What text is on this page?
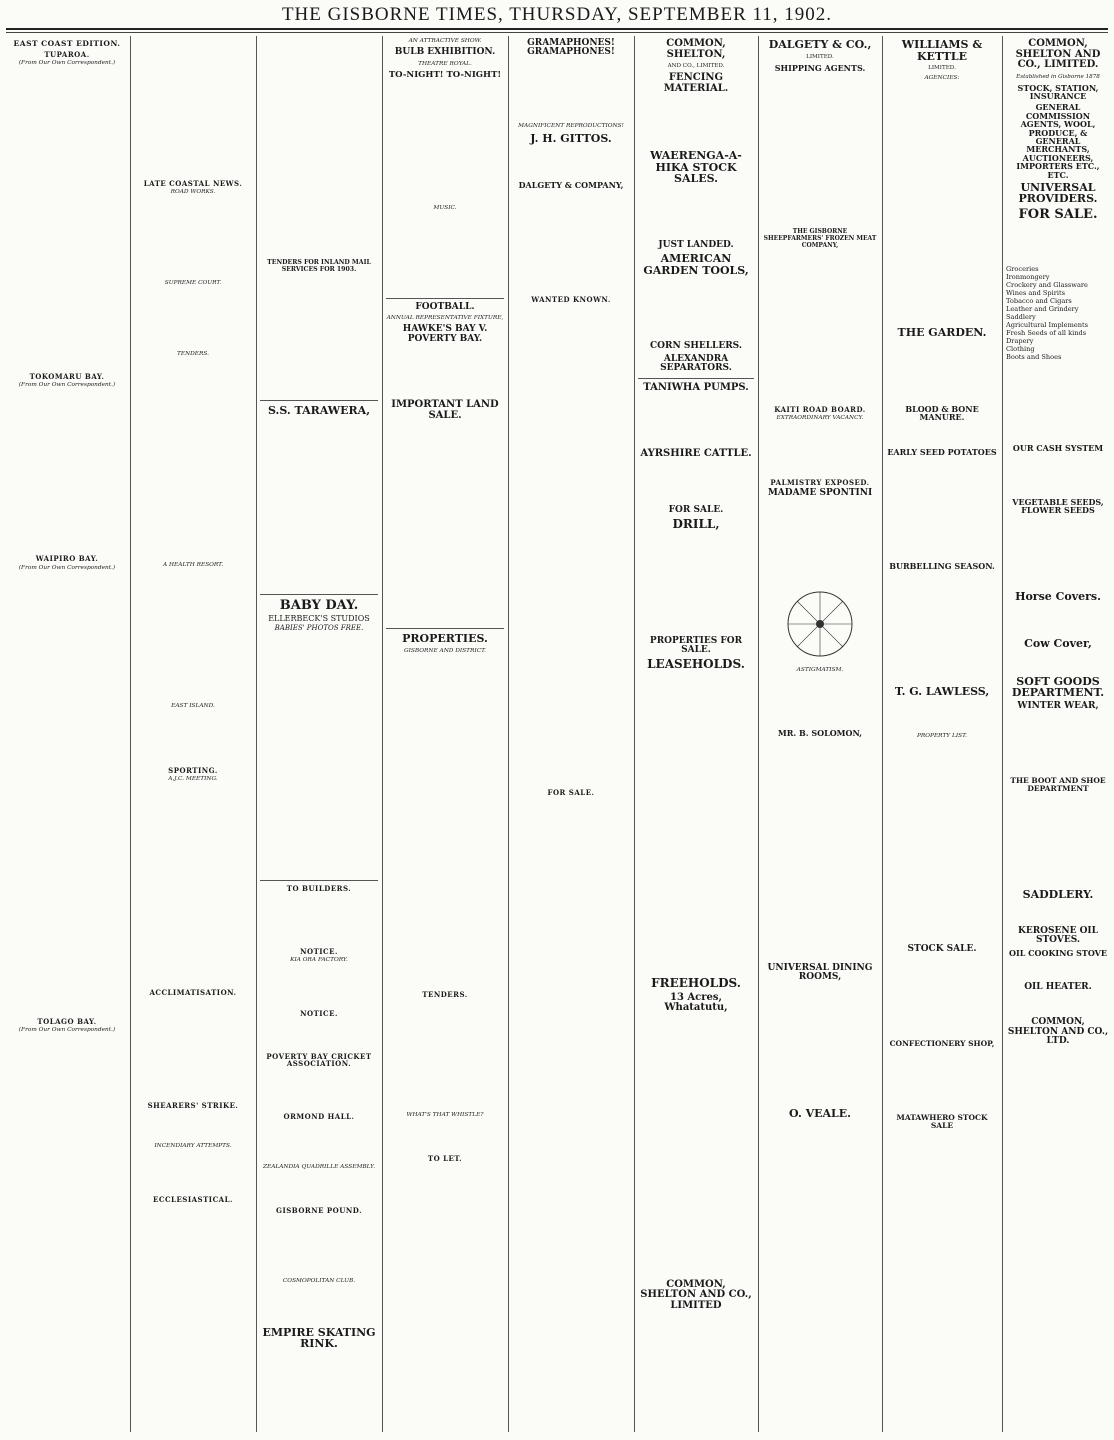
THE GISBORNE TIMES, THURSDAY, SEPTEMBER 11, 1902.
EAST COAST EDITION.
TUPAROA.
(From Our Own Correspondent.)
TOKOMARU BAY.
(From Our Own Correspondent.)
WAIPIRO BAY.
(From Our Own Correspondent.)
TOLAGO BAY.
(From Our Own Correspondent.)
LATE COASTAL NEWS.
ROAD WORKS.
SUPREME COURT.
TENDERS.
A HEALTH RESORT.
EAST ISLAND.
SPORTING.
A.J.C. MEETING.
ACCLIMATISATION.
SHEARERS' STRIKE.
INCENDIARY ATTEMPTS.
ECCLESIASTICAL.
TENDERS FOR INLAND MAIL SERVICES FOR 1903.
S.S. TARAWERA,
BABY DAY.
ELLERBECK'S STUDIOS
BABIES' PHOTOS FREE.
TO BUILDERS.
NOTICE.
KIA ORA FACTORY.
NOTICE.
POVERTY BAY CRICKET ASSOCIATION.
ORMOND HALL.
ZEALANDIA QUADRILLE ASSEMBLY.
GISBORNE POUND.
COSMOPOLITAN CLUB.
EMPIRE SKATING RINK.
AN ATTRACTIVE SHOW.
BULB EXHIBITION.
THEATRE ROYAL.
TO-NIGHT! TO-NIGHT!
MUSIC.
FOOTBALL.
ANNUAL REPRESENTATIVE FIXTURE,
HAWKE'S BAY V. POVERTY BAY.
IMPORTANT LAND SALE.
PROPERTIES.
GISBORNE AND DISTRICT.
TENDERS.
WHAT'S THAT WHISTLE?
TO LET.
GRAMAPHONES! GRAMAPHONES!
MAGNIFICENT REPRODUCTIONS!
J. H. GITTOS.
DALGETY & COMPANY,
WANTED KNOWN.
FOR SALE.
COMMON, SHELTON,
AND CO., LIMITED.
FENCING MATERIAL.
WAERENGA-A-HIKA STOCK SALES.
JUST LANDED.
AMERICAN GARDEN TOOLS,
CORN SHELLERS.
ALEXANDRA SEPARATORS.
TANIWHA PUMPS.
AYRSHIRE CATTLE.
FOR SALE.
DRILL,
PROPERTIES FOR SALE.
LEASEHOLDS.
FREEHOLDS.
13 Acres, Whatatutu,
COMMON, SHELTON AND CO., LIMITED
DALGETY & CO.,
LIMITED.
SHIPPING AGENTS.
THE GISBORNE SHEEPFARMERS' FROZEN MEAT COMPANY,
KAITI ROAD BOARD.
EXTRAORDINARY VACANCY.
PALMISTRY EXPOSED.
MADAME SPONTINI
ASTIGMATISM.
MR. B. SOLOMON,
UNIVERSAL DINING ROOMS,
O. VEALE.
WILLIAMS & KETTLE
LIMITED.
AGENCIES:
THE GARDEN.
BLOOD & BONE MANURE.
EARLY SEED POTATOES
BURBELLING SEASON.
T. G. LAWLESS,
PROPERTY LIST.
STOCK SALE.
CONFECTIONERY SHOP,
MATAWHERO STOCK SALE
COMMON, SHELTON AND CO., LIMITED.
Established in Gisborne 1878
STOCK, STATION, INSURANCE
GENERAL COMMISSION AGENTS, WOOL, PRODUCE, & GENERAL MERCHANTS, AUCTIONEERS, IMPORTERS ETC., ETC.
UNIVERSAL PROVIDERS.
FOR SALE.
Groceries
Ironmongery
Crockery and Glassware
Wines and Spirits
Tobacco and Cigars
Leather and Grindery
Saddlery
Agricultural Implements
Fresh Seeds of all kinds
Drapery
Clothing
Boots and Shoes
OUR CASH SYSTEM
VEGETABLE SEEDS, FLOWER SEEDS
Horse Covers.
Cow Cover,
SOFT GOODS DEPARTMENT.
WINTER WEAR,
THE BOOT AND SHOE DEPARTMENT
SADDLERY.
KEROSENE OIL STOVES.
OIL COOKING STOVE
OIL HEATER.
COMMON, SHELTON AND CO., LTD.
